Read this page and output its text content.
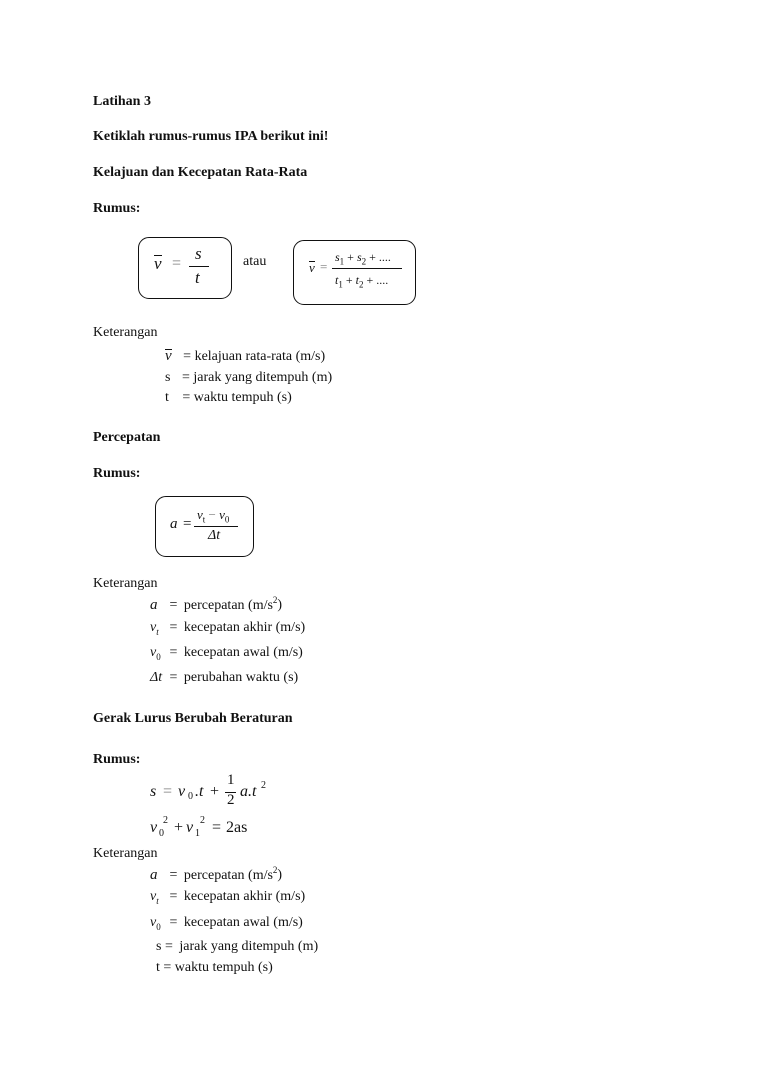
Latihan 3
Ketiklah rumus-rumus IPA berikut ini!
Kelajuan dan Kecepatan Rata-Rata
Rumus:
v =
s
t
atau	v =
$s_1 + s_2$ + ....
$t_1 + t_2$ + ....
Keterangan
v = kelajuan rata-rata (m/s)
s = jarak yang ditempuh (m)
t = waktu tempuh (s)
Percepatan
Rumus:
a =
$v_t - v_0$
Δt
Keterangan
a = percepatan $(m/s^2)$
$v_t$ = kecepatan akhir (m/s)
$v_0$ = kecepatan awal (m/s)
Δt = perubahan waktu (s)
Gerak Lurus Berubah Beraturan
Rumus:
s = v 0 .t +
1
2 a.t 2
v 0
2 + v 1
2 = 2as
Keterangan
a = percepatan $(m/s^2)$
$v_t$ = kecepatan akhir (m/s)
$v_0$ = kecepatan awal (m/s)
s = jarak yang ditempuh (m)
t = waktu tempuh (s)
